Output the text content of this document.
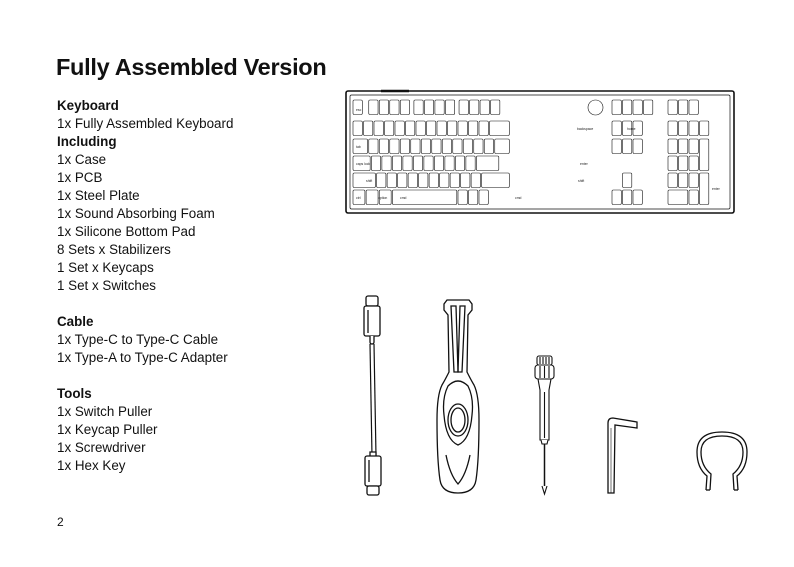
Fully Assembled Version
Keyboard
1x Fully Assembled Keyboard
Including
1x Case
1x PCB
1x Steel Plate
1x Sound Absorbing Foam
1x Silicone Bottom Pad
8 Sets x Stabilizers
1 Set x Keycaps
1 Set x Switches
Cable
1x Type-C to Type-C Cable
1x Type-A to Type-C Adapter
Tools
1x Switch Puller
1x Keycap Puller
1x Screwdriver
1x Hex Key
2
esc
backspace
tab
caps lock	enter
shift	shift
ctrl	option	cmd	cmd
home
enter
